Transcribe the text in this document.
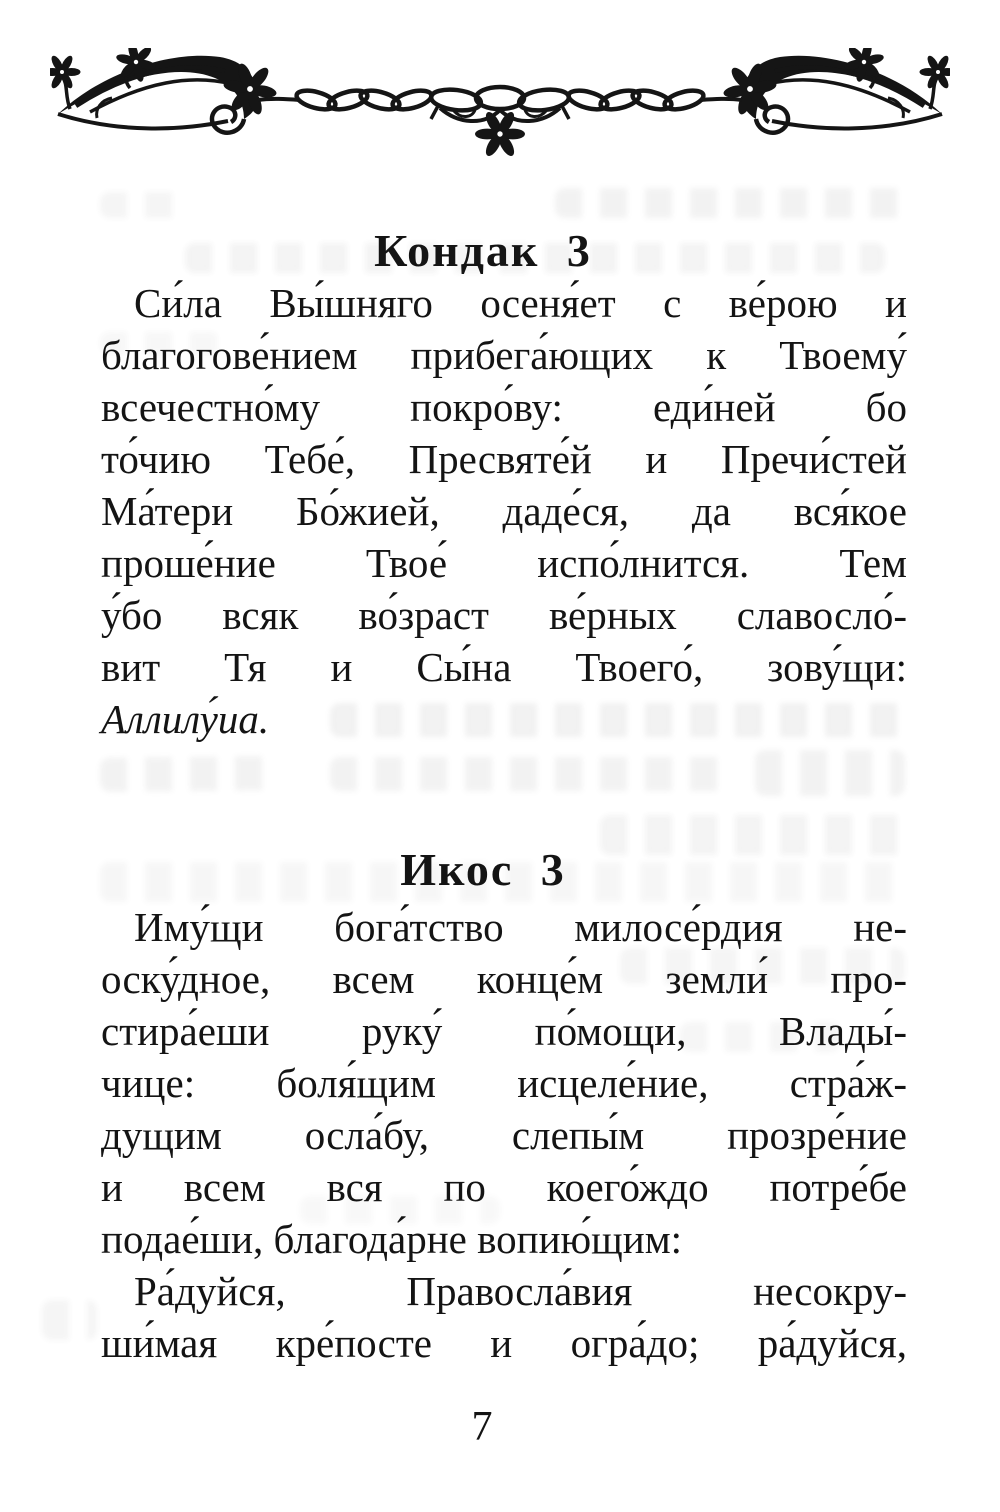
Кондак 3
Си́ла Вы́шняго осеня́ет с ве́рою и
благогове́нием прибега́ющих к Твоему́
всечестно́му покро́ву: еди́ней бо
то́чию Тебе́, Пресвяте́й и Пречи́стей
Ма́тери Бо́жией, даде́ся, да вся́кое
проше́ние Твое́ испо́лнится. Тем
у́бо всяк во́зраст ве́рных славосло́-
вит Тя и Сы́на Твоего́, зову́щи:
Аллилу́иа.
Икос 3
Иму́щи бога́тство милосе́рдия не-
оску́дное, всем конце́м земли́ про-
стира́еши руку́ по́мощи, Влады́-
чице: боля́щим исцеле́ние, стра́ж-
дущим осла́бу, слепы́м прозре́ние
и всем вся по коего́ждо потре́бе
подае́ши, благода́рне вопию́щим:
Ра́дуйся, Правосла́вия несокру-
ши́мая кре́посте и огра́до; ра́дуйся,
7
